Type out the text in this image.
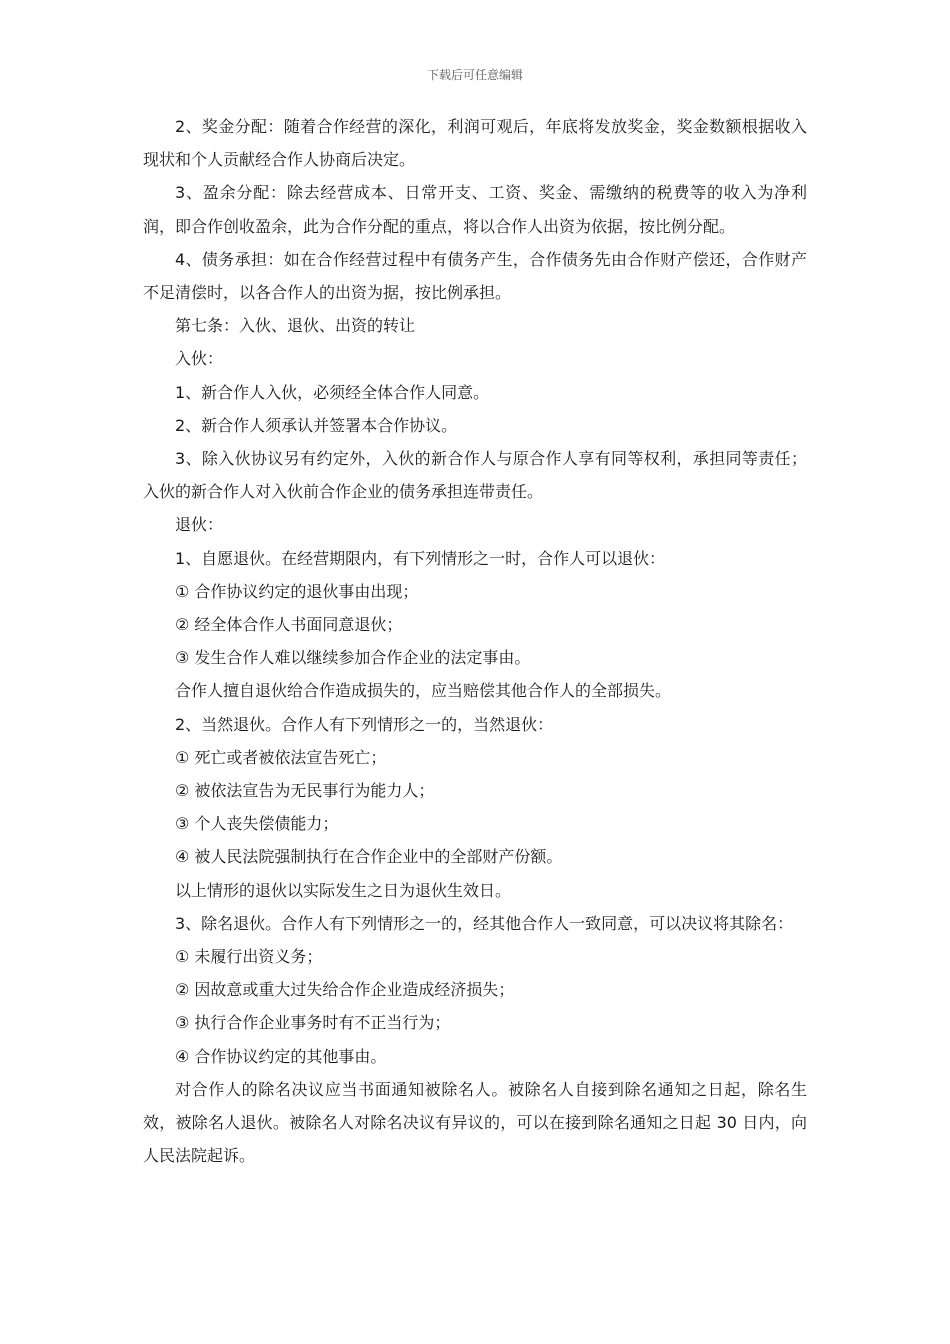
下载后可任意编辑

2、奖金分配：随着合作经营的深化，利润可观后，年底将发放奖金，奖金数额根据收入现状和个人贡献经合作人协商后决定。

3、盈余分配：除去经营成本、日常开支、工资、奖金、需缴纳的税费等的收入为净利润，即合作创收盈余，此为合作分配的重点，将以合作人出资为依据，按比例分配。

4、债务承担：如在合作经营过程中有债务产生，合作债务先由合作财产偿还，合作财产不足清偿时，以各合作人的出资为据，按比例承担。

第七条：入伙、退伙、出资的转让

入伙：

1、新合作人入伙，必须经全体合作人同意。

2、新合作人须承认并签署本合作协议。

3、除入伙协议另有约定外，入伙的新合作人与原合作人享有同等权利，承担同等责任；入伙的新合作人对入伙前合作企业的债务承担连带责任。

退伙：

1、自愿退伙。在经营期限内，有下列情形之一时，合作人可以退伙：

① 合作协议约定的退伙事由出现；

② 经全体合作人书面同意退伙；

③ 发生合作人难以继续参加合作企业的法定事由。

合作人擅自退伙给合作造成损失的，应当赔偿其他合作人的全部损失。

2、当然退伙。合作人有下列情形之一的，当然退伙：

① 死亡或者被依法宣告死亡；

② 被依法宣告为无民事行为能力人；

③ 个人丧失偿债能力；

④ 被人民法院强制执行在合作企业中的全部财产份额。

以上情形的退伙以实际发生之日为退伙生效日。

3、除名退伙。合作人有下列情形之一的，经其他合作人一致同意，可以决议将其除名：

① 未履行出资义务；

② 因故意或重大过失给合作企业造成经济损失；

③ 执行合作企业事务时有不正当行为；

④ 合作协议约定的其他事由。

对合作人的除名决议应当书面通知被除名人。被除名人自接到除名通知之日起，除名生效，被除名人退伙。被除名人对除名决议有异议的，可以在接到除名通知之日起 30 日内，向人民法院起诉。
